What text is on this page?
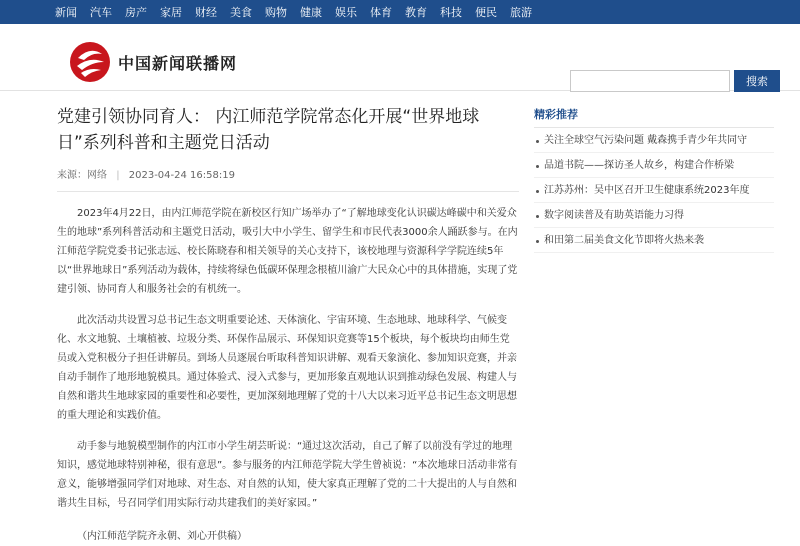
新闻 汽车 房产 家居 财经 美食 购物 健康 娱乐 体育 教育 科技 便民 旅游
中国新闻联播网
搜索
党建引领协同育人： 内江师范学院常态化开展“世界地球日”系列科普和主题党日活动
来源：网络 | 2023-04-24 16:58:19

2023年4月22日，由内江师范学院在新校区行知广场举办了“了解地球变化认识碳达峰碳中和关爱众生的地球”系列科普活动和主题党日活动，吸引大中小学生、留学生和市民代表3000余人踊跃参与。在内江师范学院党委书记张志远、校长陈晓春和相关领导的关心支持下，该校地理与资源科学学院连续5年以“世界地球日”系列活动为载体，持续将绿色低碳环保理念根植川渝广大民众心中的具体措施，实现了党建引领、协同育人和服务社会的有机统一。

此次活动共设置习总书记生态文明重要论述、天体演化、宇宙环境、生态地球、地球科学、气候变化、水文地貌、土壤植被、垃圾分类、环保作品展示、环保知识竞赛等15个板块，每个板块均由师生党员或入党积极分子担任讲解员。到场人员逐展台听取科普知识讲解、观看天象演化、参加知识竞赛，并亲自动手制作了地形地貌模具。通过体验式、浸入式参与，更加形象直观地认识到推动绿色发展、构建人与自然和谐共生地球家园的重要性和必要性，更加深刻地理解了党的十八大以来习近平总书记生态文明思想的重大理论和实践价值。

动手参与地貌模型制作的内江市小学生胡芸昕说：“通过这次活动，自己了解了以前没有学过的地理知识，感觉地球特别神秘，很有意思”。参与服务的内江师范学院大学生曾祯说：“本次地球日活动非常有意义，能够增强同学们对地球、对生态、对自然的认知，使大家真正理解了党的二十大提出的人与自然和谐共生目标，号召同学们用实际行动共建我们的美好家园。”

（内江师范学院齐永朝、刘心开供稿）

精彩推荐
关注全球空气污染问题 戴森携手青少年共同守
品道书院——探访圣人故乡，构建合作桥梁
江苏苏州：吴中区召开卫生健康系统2023年度
数字阅读普及有助英语能力习得
和田第二届美食文化节即将火热来袭
